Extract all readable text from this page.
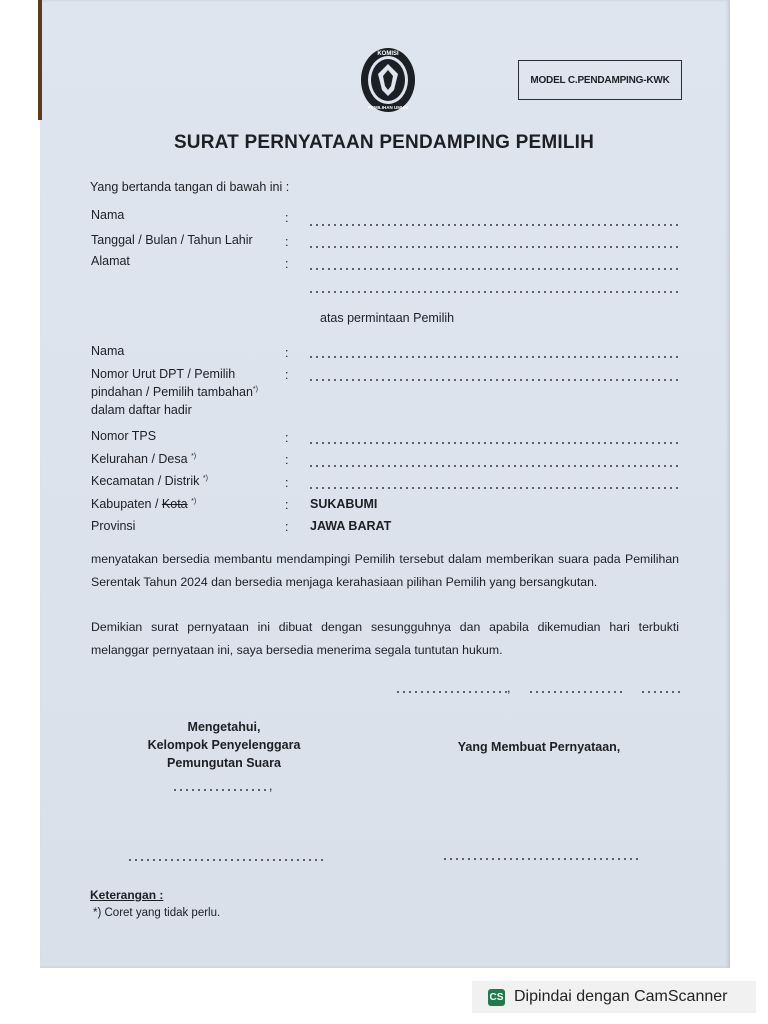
KOMISI
PEMILIHAN UMUM
MODEL C.PENDAMPING-KWK
SURAT PERNYATAAN PENDAMPING PEMILIH
Yang bertanda tangan di bawah ini :
Nama	:
Tanggal / Bulan / Tahun Lahir	:
Alamat	:
atas permintaan Pemilih
Nama	:
Nomor Urut DPT / Pemilih	:
pindahan / Pemilih tambahan*)
dalam daftar hadir
Nomor TPS	:
Kelurahan / Desa *)	:
Kecamatan / Distrik *)	:
Kabupaten / Kota *)	: SUKABUMI
Provinsi	: JAWA BARAT
menyatakan bersedia membantu mendampingi Pemilih tersebut dalam memberikan suara pada Pemilihan Serentak Tahun 2024 dan bersedia menjaga kerahasiaan pilihan Pemilih yang bersangkutan.
Demikian surat pernyataan ini dibuat dengan sesungguhnya dan apabila dikemudian hari terbukti melanggar pernyataan ini, saya bersedia menerima segala tuntutan hukum.
,
Mengetahui,
Kelompok Penyelenggara
Pemungutan Suara
Yang Membuat Pernyataan,
,
Keterangan :
*) Coret yang tidak perlu.
CS Dipindai dengan CamScanner
